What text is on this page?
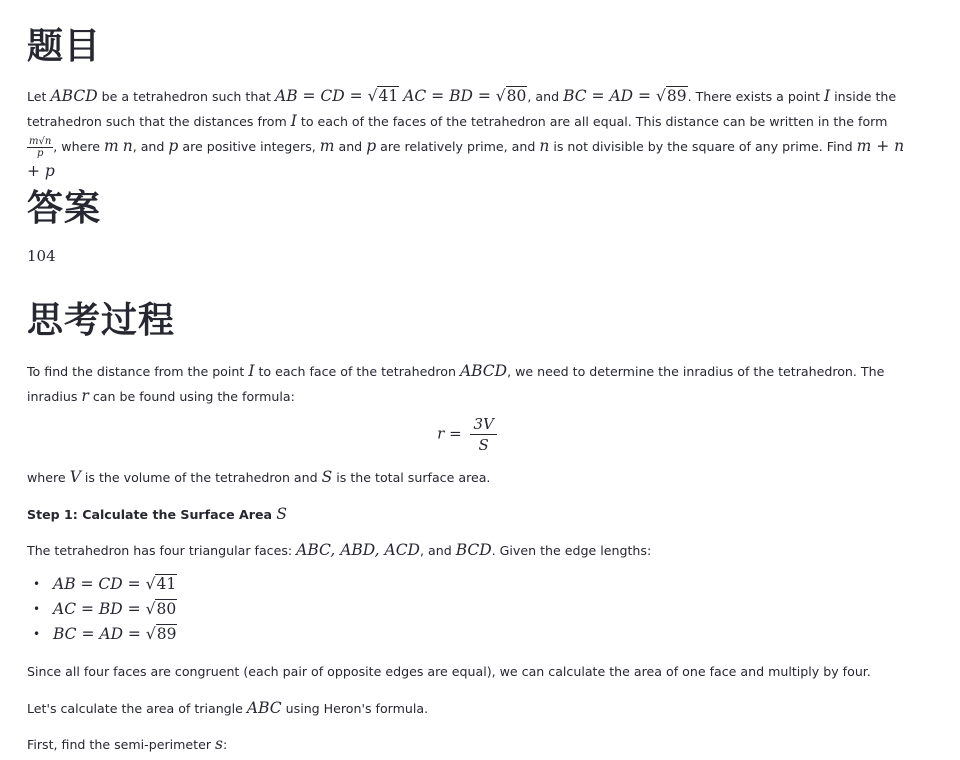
题目

Let ABCD be a tetrahedron such that AB = CD = √41 AC = BD = √80, and BC = AD = √89. There exists a point I inside the tetrahedron such that the distances from I to each of the faces of the tetrahedron are all equal. This distance can be written in the form
$\frac{m√n}{p}$ , where m n, and p are positive integers, m and p are relatively prime, and n is not divisible by the square of any prime. Find m + n + p

答案

104

思考过程

To find the distance from the point I to each face of the tetrahedron ABCD, we need to determine the inradius of the tetrahedron. The inradius r can be found using the formula:

$r = \frac{3V}{S}$

where V is the volume of the tetrahedron and S is the total surface area.

Step 1: Calculate the Surface Area S

The tetrahedron has four triangular faces: ABC, ABD, ACD, and BCD. Given the edge lengths:

• AB = CD = √41
• AC = BD = √80
• BC = AD = √89

Since all four faces are congruent (each pair of opposite edges are equal), we can calculate the area of one face and multiply by four.

Let's calculate the area of triangle ABC using Heron's formula.

First, find the semi-perimeter s:
